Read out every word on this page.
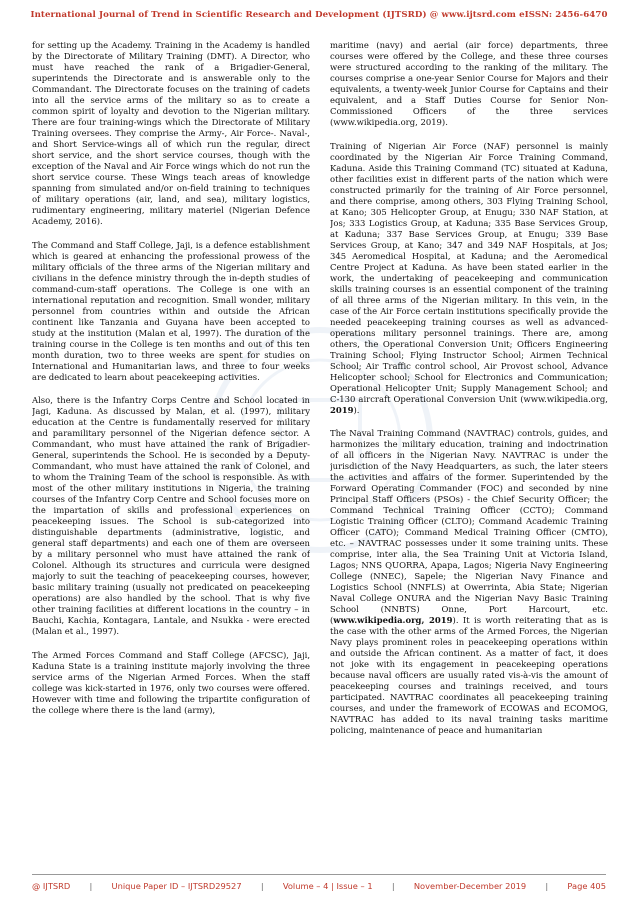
International Journal of Trend in Scientific Research and Development (IJTSRD) @ www.ijtsrd.com eISSN: 2456-6470

for setting up the Academy. Training in the Academy is handled by the Directorate of Military Training (DMT). A Director, who must have reached the rank of a Brigadier-General, superintends the Directorate and is answerable only to the Commandant. The Directorate focuses on the training of cadets into all the service arms of the military so as to create a common spirit of loyalty and devotion to the Nigerian military. There are four training-wings which the Directorate of Military Training oversees. They comprise the Army-, Air Force-. Naval-, and Short Service-wings all of which run the regular, direct short service, and the short service courses, though with the exception of the Naval and Air Force wings which do not run the short service course. These Wings teach areas of knowledge spanning from simulated and/or on-field training to techniques of military operations (air, land, and sea), military logistics, rudimentary engineering, military materiel (Nigerian Defence Academy, 2016).

The Command and Staff College, Jaji, is a defence establishment which is geared at enhancing the professional prowess of the military officials of the three arms of the Nigerian military and civilians in the defence ministry through the in-depth studies of command-cum-staff operations. The College is one with an international reputation and recognition. Small wonder, military personnel from countries within and outside the African continent like Tanzania and Guyana have been accepted to study at the institution (Malan et al, 1997). The duration of the training course in the College is ten months and out of this ten month duration, two to three weeks are spent for studies on International and Humanitarian laws, and three to four weeks are dedicated to learn about peacekeeping activities.

Also, there is the Infantry Corps Centre and School located in Jagi, Kaduna. As discussed by Malan, et al. (1997), military education at the Centre is fundamentally reserved for military and paramilitary personnel of the Nigerian defence sector. A Commandant, who must have attained the rank of Brigadier-General, superintends the School. He is seconded by a Deputy-Commandant, who must have attained the rank of Colonel, and to whom the Training Team of the school is responsible. As with most of the other military institutions in Nigeria, the training courses of the Infantry Corp Centre and School focuses more on the impartation of skills and professional experiences on peacekeeping issues. The School is sub-categorized into distinguishable departments (administrative, logistic, and general staff departments) and each one of them are overseen by a military personnel who must have attained the rank of Colonel. Although its structures and curricula were designed majorly to suit the teaching of peacekeeping courses, however, basic military training (usually not predicated on peacekeeping operations) are also handled by the school. That is why five other training facilities at different locations in the country – in Bauchi, Kachia, Kontagara, Lantale, and Nsukka - were erected (Malan et al., 1997).

The Armed Forces Command and Staff College (AFCSC), Jaji, Kaduna State is a training institute majorly involving the three service arms of the Nigerian Armed Forces. When the staff college was kick-started in 1976, only two courses were offered. However with time and following the tripartite configuration of the college where there is the land (army),

maritime (navy) and aerial (air force) departments, three courses were offered by the College, and these three courses were structured according to the ranking of the military. The courses comprise a one-year Senior Course for Majors and their equivalents, a twenty-week Junior Course for Captains and their equivalent, and a Staff Duties Course for Senior Non-Commissioned Officers of the three services (www.wikipedia.org, 2019).

Training of Nigerian Air Force (NAF) personnel is mainly coordinated by the Nigerian Air Force Training Command, Kaduna. Aside this Training Command (TC) situated at Kaduna, other facilities exist in different parts of the nation which were constructed primarily for the training of Air Force personnel, and there comprise, among others, 303 Flying Training School, at Kano; 305 Helicopter Group, at Enugu; 330 NAF Station, at Jos; 333 Logistics Group, at Kaduna; 335 Base Services Group, at Kaduna; 337 Base Services Group, at Enugu; 339 Base Services Group, at Kano; 347 and 349 NAF Hospitals, at Jos; 345 Aeromedical Hospital, at Kaduna; and the Aeromedical Centre Project at Kaduna. As have been stated earlier in the work, the undertaking of peacekeeping and communication skills training courses is an essential component of the training of all three arms of the Nigerian military. In this vein, in the case of the Air Force certain institutions specifically provide the needed peacekeeping training courses as well as advanced-operations military personnel trainings. There are, among others, the Operational Conversion Unit; Officers Engineering Training School; Flying Instructor School; Airmen Technical School; Air Traffic control school, Air Provost school, Advance Helicopter school; School for Electronics and Communication; Operational Helicopter Unit; Supply Management School; and C-130 aircraft Operational Conversion Unit (www.wikipedia.org, 2019).

The Naval Training Command (NAVTRAC) controls, guides, and harmonizes the military education, training and indoctrination of all officers in the Nigerian Navy. NAVTRAC is under the jurisdiction of the Navy Headquarters, as such, the later steers the activities and affairs of the former. Superintended by the Forward Operating Commander (FOC) and seconded by nine Principal Staff Officers (PSOs) - the Chief Security Officer; the Command Technical Training Officer (CCTO); Command Logistic Training Officer (CLTO); Command Academic Training Officer (CATO); Command Medical Training Officer (CMTO), etc. – NAVTRAC possesses under it some training units. These comprise, inter alia, the Sea Training Unit at Victoria Island, Lagos; NNS QUORRA, Apapa, Lagos; Nigeria Navy Engineering College (NNEC), Sapele; the Nigerian Navy Finance and Logistics School (NNFLS) at Owerrinta, Abia State; Nigerian Naval College ONURA and the Nigerian Navy Basic Training School (NNBTS) Onne, Port Harcourt, etc. (www.wikipedia.org, 2019). It is worth reiterating that as is the case with the other arms of the Armed Forces, the Nigerian Navy plays prominent roles in peacekeeping operations within and outside the African continent. As a matter of fact, it does not joke with its engagement in peacekeeping operations because naval officers are usually rated vis-à-vis the amount of peacekeeping courses and trainings received, and tours participated. NAVTRAC coordinates all peacekeeping training courses, and under the framework of ECOWAS and ECOMOG, NAVTRAC has added to its naval training tasks maritime policing, maintenance of peace and humanitarian

@ IJTSRD | Unique Paper ID – IJTSRD29527 | Volume – 4 | Issue – 1 | November-December 2019 | Page 405
